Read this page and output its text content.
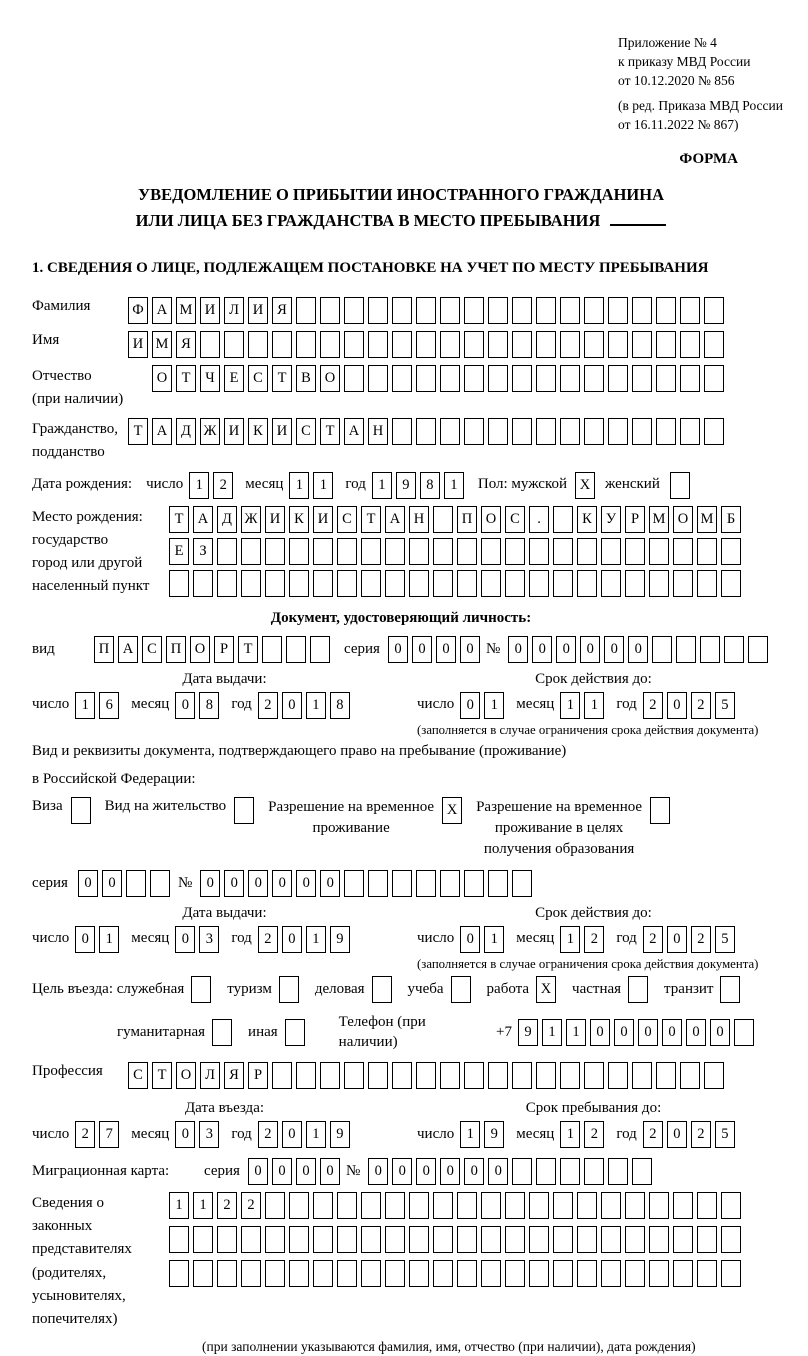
Приложение № 4
к приказу МВД России
от 10.12.2020 № 856
(в ред. Приказа МВД России
от 16.11.2022 № 867)
ФОРМА
УВЕДОМЛЕНИЕ О ПРИБЫТИИ ИНОСТРАННОГО ГРАЖДАНИНА
ИЛИ ЛИЦА БЕЗ ГРАЖДАНСТВА В МЕСТО ПРЕБЫВАНИЯ
1. СВЕДЕНИЯ О ЛИЦЕ, ПОДЛЕЖАЩЕМ ПОСТАНОВКЕ НА УЧЕТ ПО МЕСТУ ПРЕБЫВАНИЯ
Фамилия	Ф А М И Л И Я
Имя	И М Я
Отчество
(при наличии)
О Т	Ч	Е	С	Т	В О
Гражданство,
подданство
Т А Д Ж И К И С	Т А Н
Дата рождения: число 1	2	месяц 1	1	год 1	9	8	1	Пол: мужской X женский
Место рождения:
государство
город или другой
населенный пункт
Т А Д Ж И К И С	Т А Н	П О С	.	К У	Р М О М Б
Е	З
Документ, удостоверяющий личность:
вид	П А С П О	Р	Т	серия 0	0	0	0 № 0	0	0	0	0	0
Дата выдачи:
число 1	6	месяц 0	8	год 2	0	1	8
Срок действия до:
число 0	1	месяц 1	1	год 2	0	2	5
(заполняется в случае ограничения срока действия документа)
Вид и реквизиты документа, подтверждающего право на пребывание (проживание)
в Российской Федерации:
Виза	Вид на жительство	Разрешение на временное
проживание
X	Разрешение на временное
проживание в целях
получения образования
серия	0	0	№ 0	0	0	0	0	0
Дата выдачи:
число 0	1	месяц 0	3	год 2	0	1	9
Срок действия до:
число 0	1	месяц 1	2	год 2	0	2	5
(заполняется в случае ограничения срока действия документа)
Цель въезда: служебная	туризм	деловая	учеба	работа X	частная	транзит
гуманитарная	иная
Телефон (при наличии)
+7 9	1	1	0	0	0	0	0	0
Профессия	С	Т О Л Я	Р
Дата въезда:
число 2	7	месяц 0	3	год 2	0	1	9
Срок пребывания до:
число 1	9	месяц 1	2	год 2	0	2	5
Миграционная карта:	серия 0	0	0	0 № 0	0	0	0	0	0
Сведения о
законных
представителях
(родителях,
усыновителях,
попечителях)
1	1	2	2
(при заполнении указываются фамилия, имя, отчество (при наличии), дата рождения)
